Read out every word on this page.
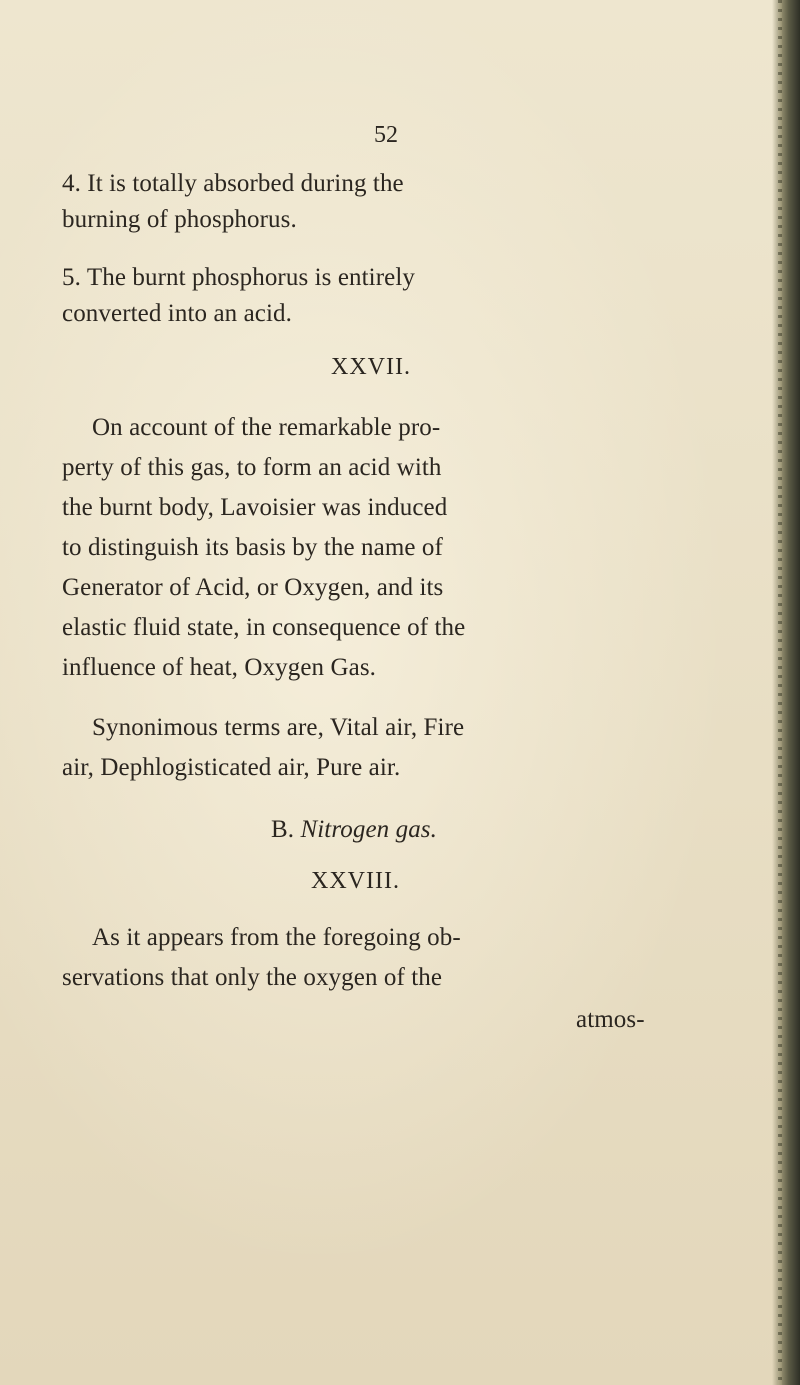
52
4. It is totally absorbed during the
burning of phosphorus.
5. The burnt phosphorus is entirely
converted into an acid.
XXVII.
On account of the remarkable pro-
perty of this gas, to form an acid with
the burnt body, Lavoisier was induced
to distinguish its basis by the name of
Generator of Acid, or Oxygen, and its
elastic fluid state, in consequence of the
influence of heat, Oxygen Gas.
Synonimous terms are, Vital air, Fire
air, Dephlogisticated air, Pure air.
B. Nitrogen gas.
XXVIII.
As it appears from the foregoing ob-
servations that only the oxygen of the
atmos-
